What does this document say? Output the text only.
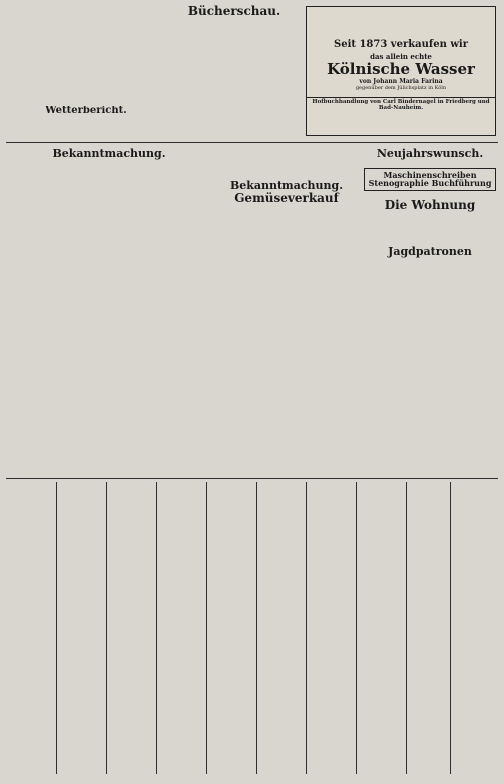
Wetterbericht.
Bücherschau.
Seit 1873 verkaufen wir
das allein echte
Kölnische Wasser
von Johann Maria Farina
gegenüber dem Jülichsplatz in Köln
Hofbuchhandlung von Carl Bindernagel in Friedberg und Bad-Nauheim.
Bekanntmachung.
Bekanntmachung.
Gemüseverkauf
Neujahrswunsch.
Maschinenschreiben Stenographie Buchführung
Die Wohnung
Jagdpatronen
